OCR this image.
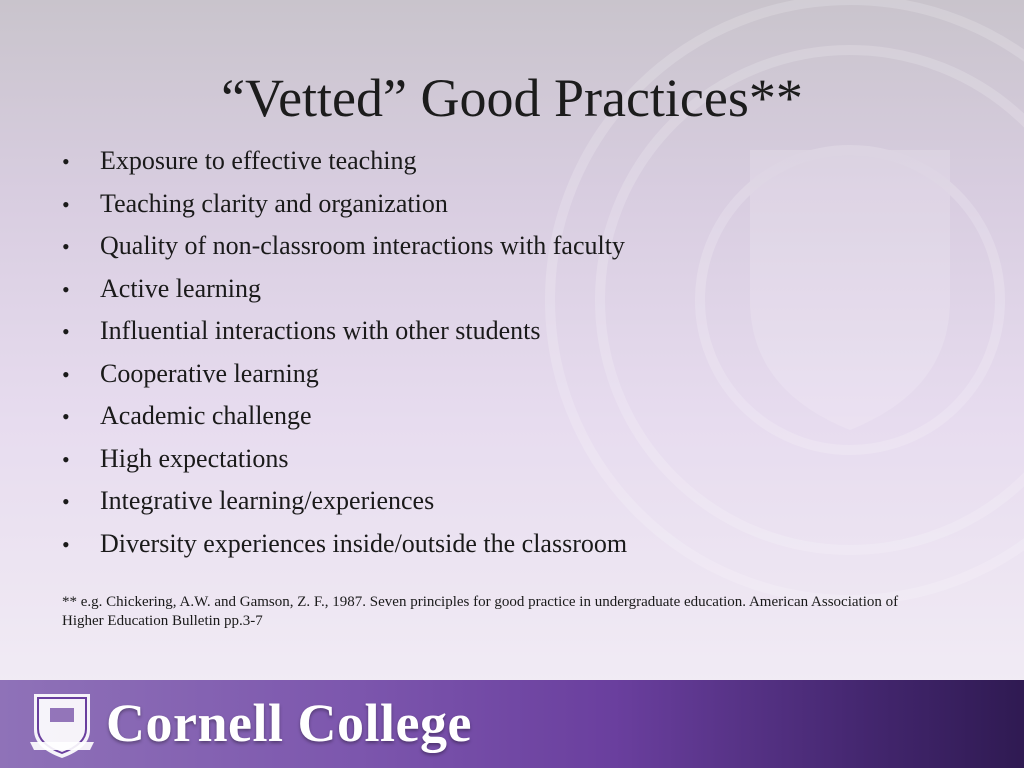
“Vetted” Good Practices**
•	Exposure to effective teaching
•	Teaching clarity and organization
•	Quality of non-classroom interactions with faculty
•	Active learning
•	Influential interactions with other students
•	Cooperative learning
•	Academic challenge
•	High expectations
•	Integrative learning/experiences
•	Diversity experiences inside/outside the classroom

** e.g. Chickering, A.W. and Gamson, Z. F., 1987. Seven principles for good practice in undergraduate education. American Association of Higher Education Bulletin pp.3-7

Cornell College
